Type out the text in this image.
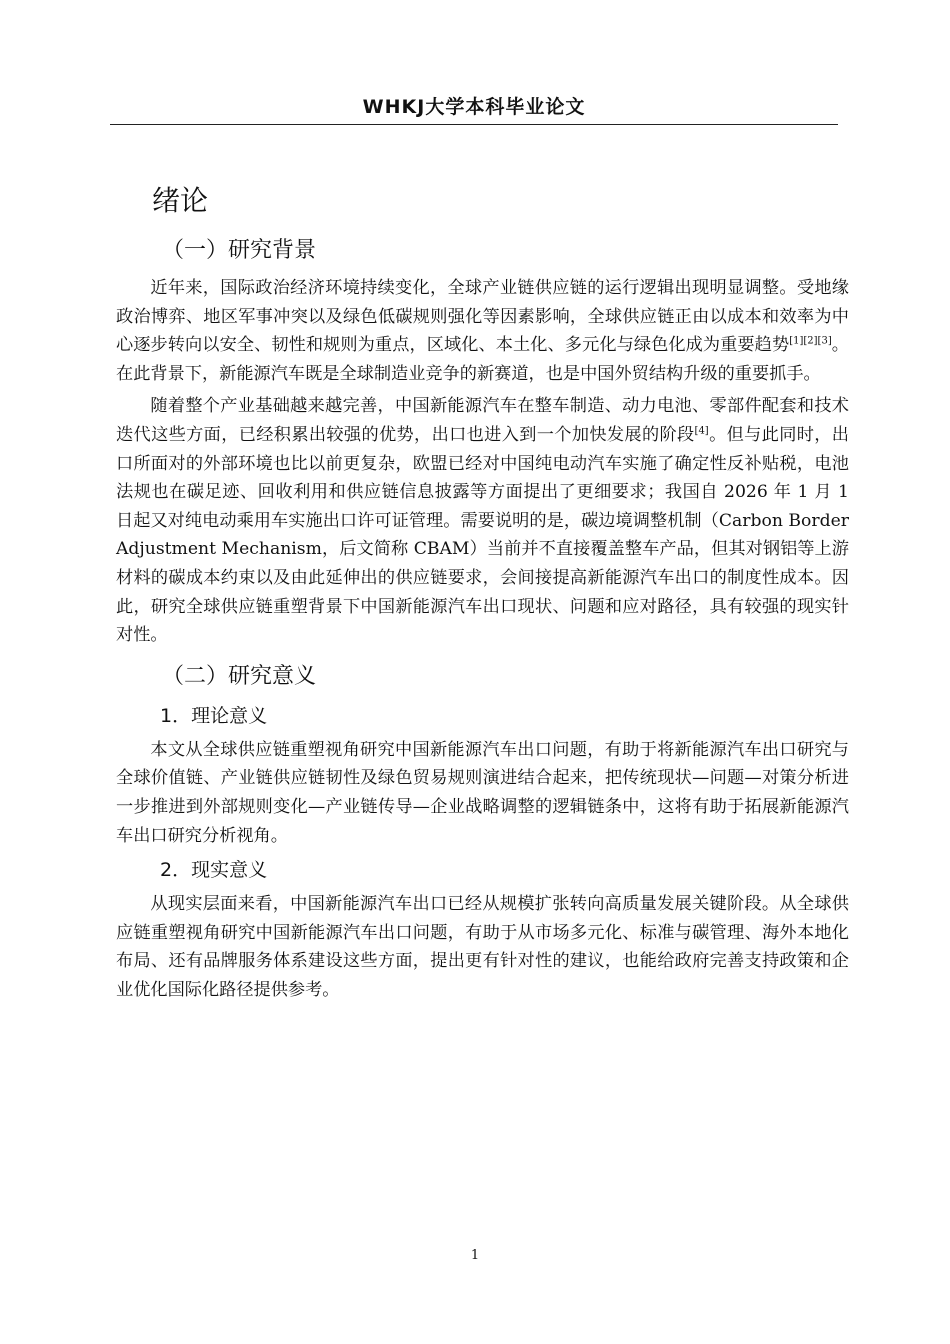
WHKJ大学本科毕业论文
绪论
（一）研究背景

近年来，国际政治经济环境持续变化，全球产业链供应链的运行逻辑出现明显调整。受地缘政治博弈、地区军事冲突以及绿色低碳规则强化等因素影响，全球供应链正由以成本和效率为中心逐步转向以安全、韧性和规则为重点，区域化、本土化、多元化与绿色化成为重要趋势[1][2][3]。在此背景下，新能源汽车既是全球制造业竞争的新赛道，也是中国外贸结构升级的重要抓手。

随着整个产业基础越来越完善，中国新能源汽车在整车制造、动力电池、零部件配套和技术迭代这些方面，已经积累出较强的优势，出口也进入到一个加快发展的阶段[4]。但与此同时，出口所面对的外部环境也比以前更复杂，欧盟已经对中国纯电动汽车实施了确定性反补贴税，电池法规也在碳足迹、回收利用和供应链信息披露等方面提出了更细要求；我国自 2026 年 1 月 1 日起又对纯电动乘用车实施出口许可证管理。需要说明的是，碳边境调整机制（Carbon Border Adjustment Mechanism，后文简称 CBAM）当前并不直接覆盖整车产品，但其对钢铝等上游材料的碳成本约束以及由此延伸出的供应链要求，会间接提高新能源汽车出口的制度性成本。因此，研究全球供应链重塑背景下中国新能源汽车出口现状、问题和应对路径，具有较强的现实针对性。

（二）研究意义
1．理论意义

本文从全球供应链重塑视角研究中国新能源汽车出口问题，有助于将新能源汽车出口研究与全球价值链、产业链供应链韧性及绿色贸易规则演进结合起来，把传统现状—问题—对策分析进一步推进到外部规则变化—产业链传导—企业战略调整的逻辑链条中，这将有助于拓展新能源汽车出口研究分析视角。

2．现实意义

从现实层面来看，中国新能源汽车出口已经从规模扩张转向高质量发展关键阶段。从全球供应链重塑视角研究中国新能源汽车出口问题，有助于从市场多元化、标准与碳管理、海外本地化布局、还有品牌服务体系建设这些方面，提出更有针对性的建议，也能给政府完善支持政策和企业优化国际化路径提供参考。

1
